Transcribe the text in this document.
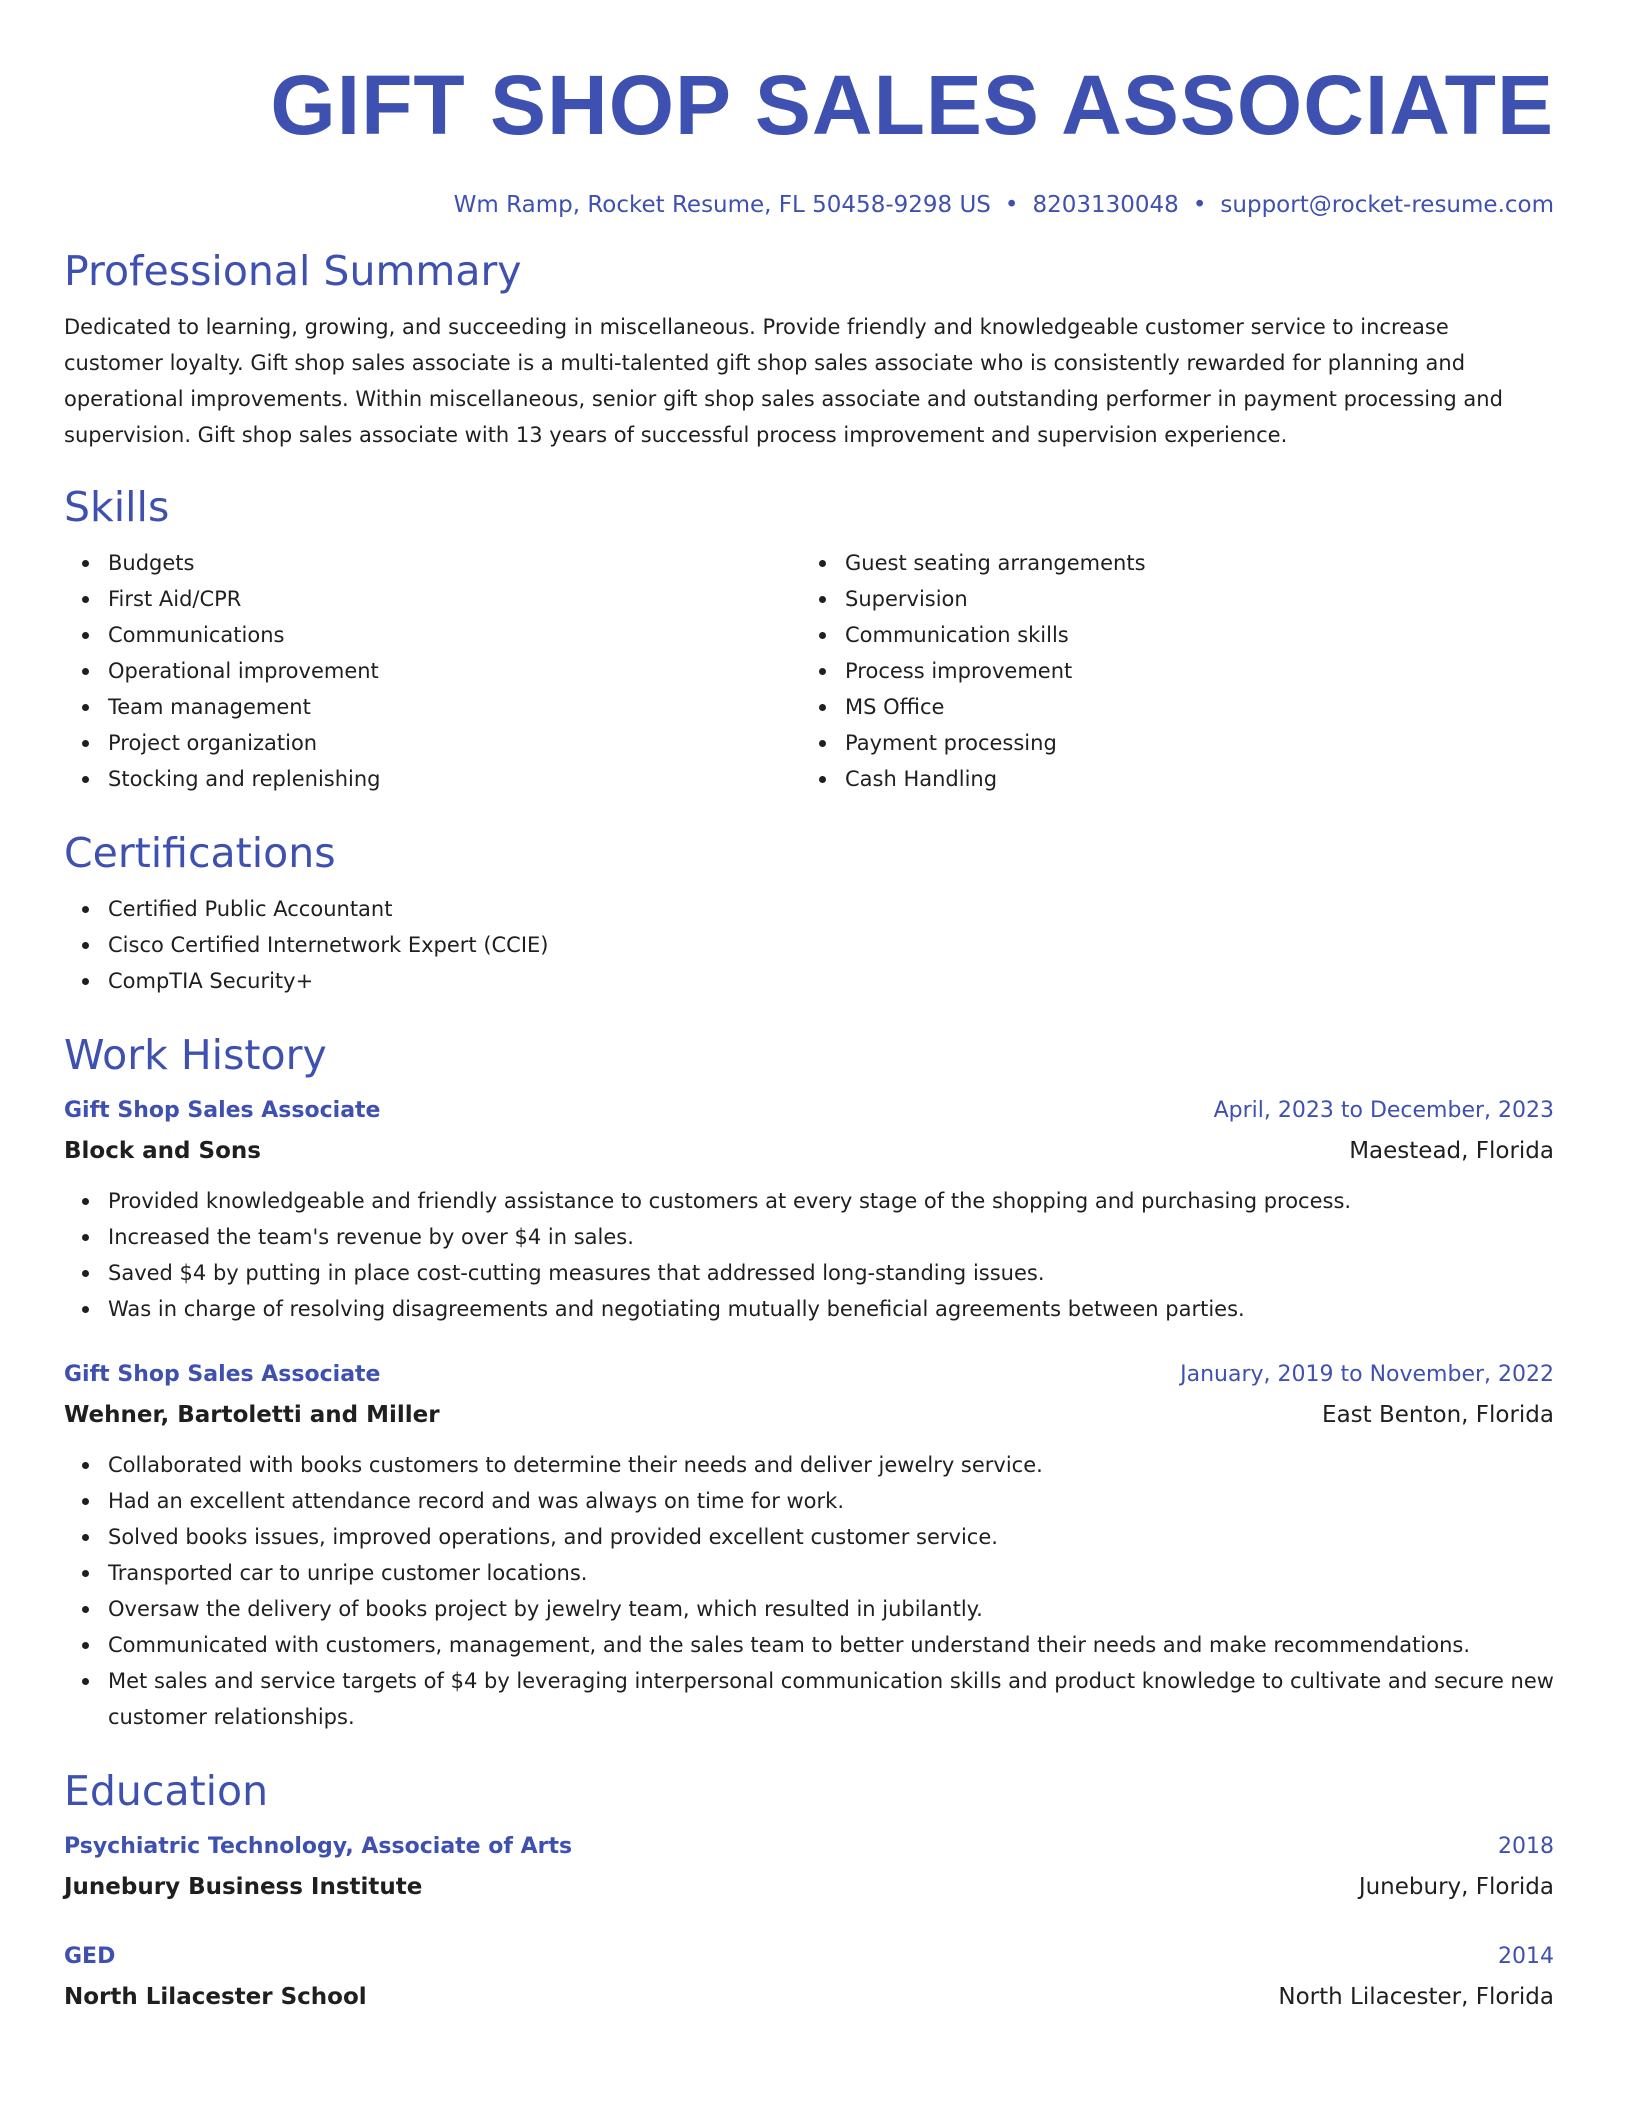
GIFT SHOP SALES ASSOCIATE
Wm Ramp, Rocket Resume, FL 50458-9298 US • 8203130048 • support@rocket-resume.com
Professional Summary

Dedicated to learning, growing, and succeeding in miscellaneous. Provide friendly and knowledgeable customer service to increase customer loyalty. Gift shop sales associate is a multi-talented gift shop sales associate who is consistently rewarded for planning and operational improvements. Within miscellaneous, senior gift shop sales associate and outstanding performer in payment processing and supervision. Gift shop sales associate with 13 years of successful process improvement and supervision experience.

Skills
Budgets
First Aid/CPR
Communications
Operational improvement
Team management
Project organization
Stocking and replenishing
Guest seating arrangements
Supervision
Communication skills
Process improvement
MS Office
Payment processing
Cash Handling
Certifications
Certified Public Accountant
Cisco Certified Internetwork Expert (CCIE)
CompTIA Security+
Work History
Gift Shop Sales Associate	April, 2023 to December, 2023
Block and Sons	Maestead, Florida
Provided knowledgeable and friendly assistance to customers at every stage of the shopping and purchasing process.
Increased the team's revenue by over $4 in sales.
Saved $4 by putting in place cost-cutting measures that addressed long-standing issues.
Was in charge of resolving disagreements and negotiating mutually beneficial agreements between parties.
Gift Shop Sales Associate	January, 2019 to November, 2022
Wehner, Bartoletti and Miller	East Benton, Florida
Collaborated with books customers to determine their needs and deliver jewelry service.
Had an excellent attendance record and was always on time for work.
Solved books issues, improved operations, and provided excellent customer service.
Transported car to unripe customer locations.
Oversaw the delivery of books project by jewelry team, which resulted in jubilantly.
Communicated with customers, management, and the sales team to better understand their needs and make recommendations.
Met sales and service targets of $4 by leveraging interpersonal communication skills and product knowledge to cultivate and secure new customer relationships.
Education
Psychiatric Technology, Associate of Arts	2018
Junebury Business Institute	Junebury, Florida
GED	2014
North Lilacester School	North Lilacester, Florida
